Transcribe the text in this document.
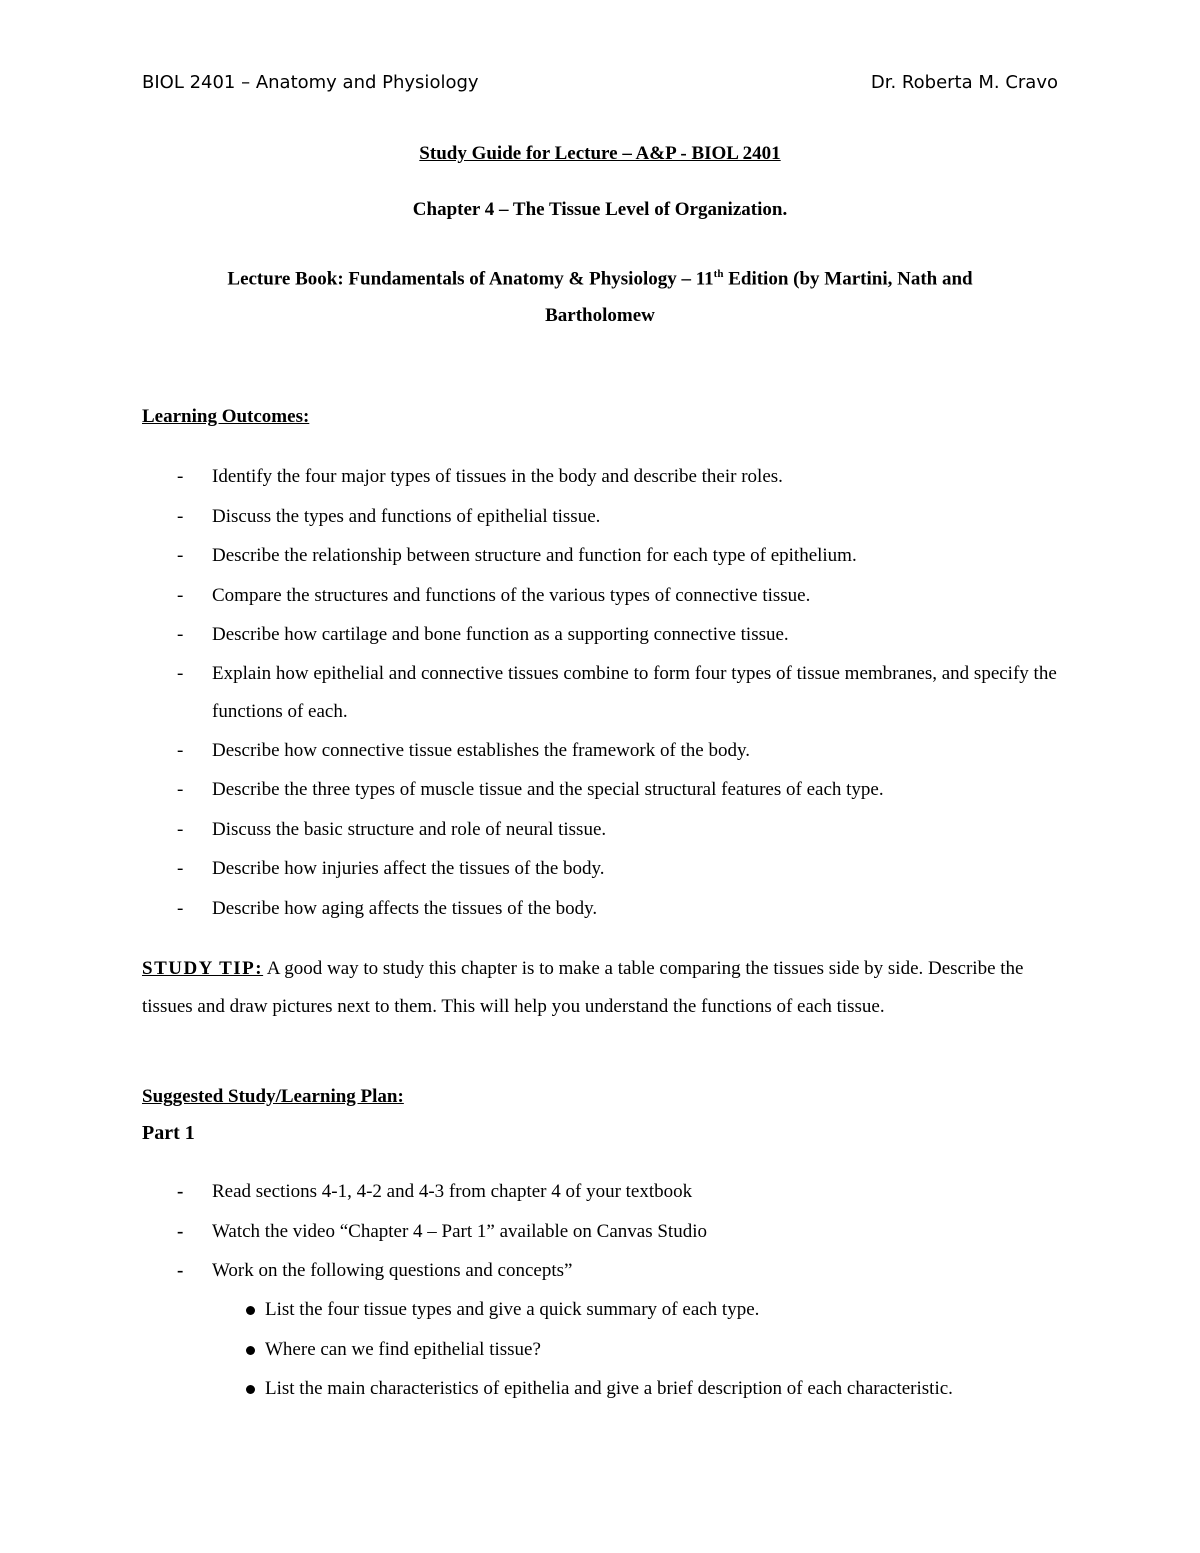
BIOL 2401 – Anatomy and Physiology	Dr. Roberta M. Cravo
Study Guide for Lecture – A&P - BIOL 2401
Chapter 4 – The Tissue Level of Organization.
Lecture Book: Fundamentals of Anatomy & Physiology – 11th Edition (by Martini, Nath and
Bartholomew
Learning Outcomes:
- Identify the four major types of tissues in the body and describe their roles.
- Discuss the types and functions of epithelial tissue.
- Describe the relationship between structure and function for each type of epithelium.
- Compare the structures and functions of the various types of connective tissue.
- Describe how cartilage and bone function as a supporting connective tissue.
- Explain how epithelial and connective tissues combine to form four types of tissue membranes, and specify the functions of each.
- Describe how connective tissue establishes the framework of the body.
- Describe the three types of muscle tissue and the special structural features of each type.
- Discuss the basic structure and role of neural tissue.
- Describe how injuries affect the tissues of the body.
- Describe how aging affects the tissues of the body.

STUDY TIP: A good way to study this chapter is to make a table comparing the tissues side by side. Describe the tissues and draw pictures next to them. This will help you understand the functions of each tissue.

Suggested Study/Learning Plan:
Part 1
- Read sections 4-1, 4-2 and 4-3 from chapter 4 of your textbook
- Watch the video “Chapter 4 – Part 1” available on Canvas Studio
- Work on the following questions and concepts”
List the four tissue types and give a quick summary of each type.
Where can we find epithelial tissue?
List the main characteristics of epithelia and give a brief description of each characteristic.
